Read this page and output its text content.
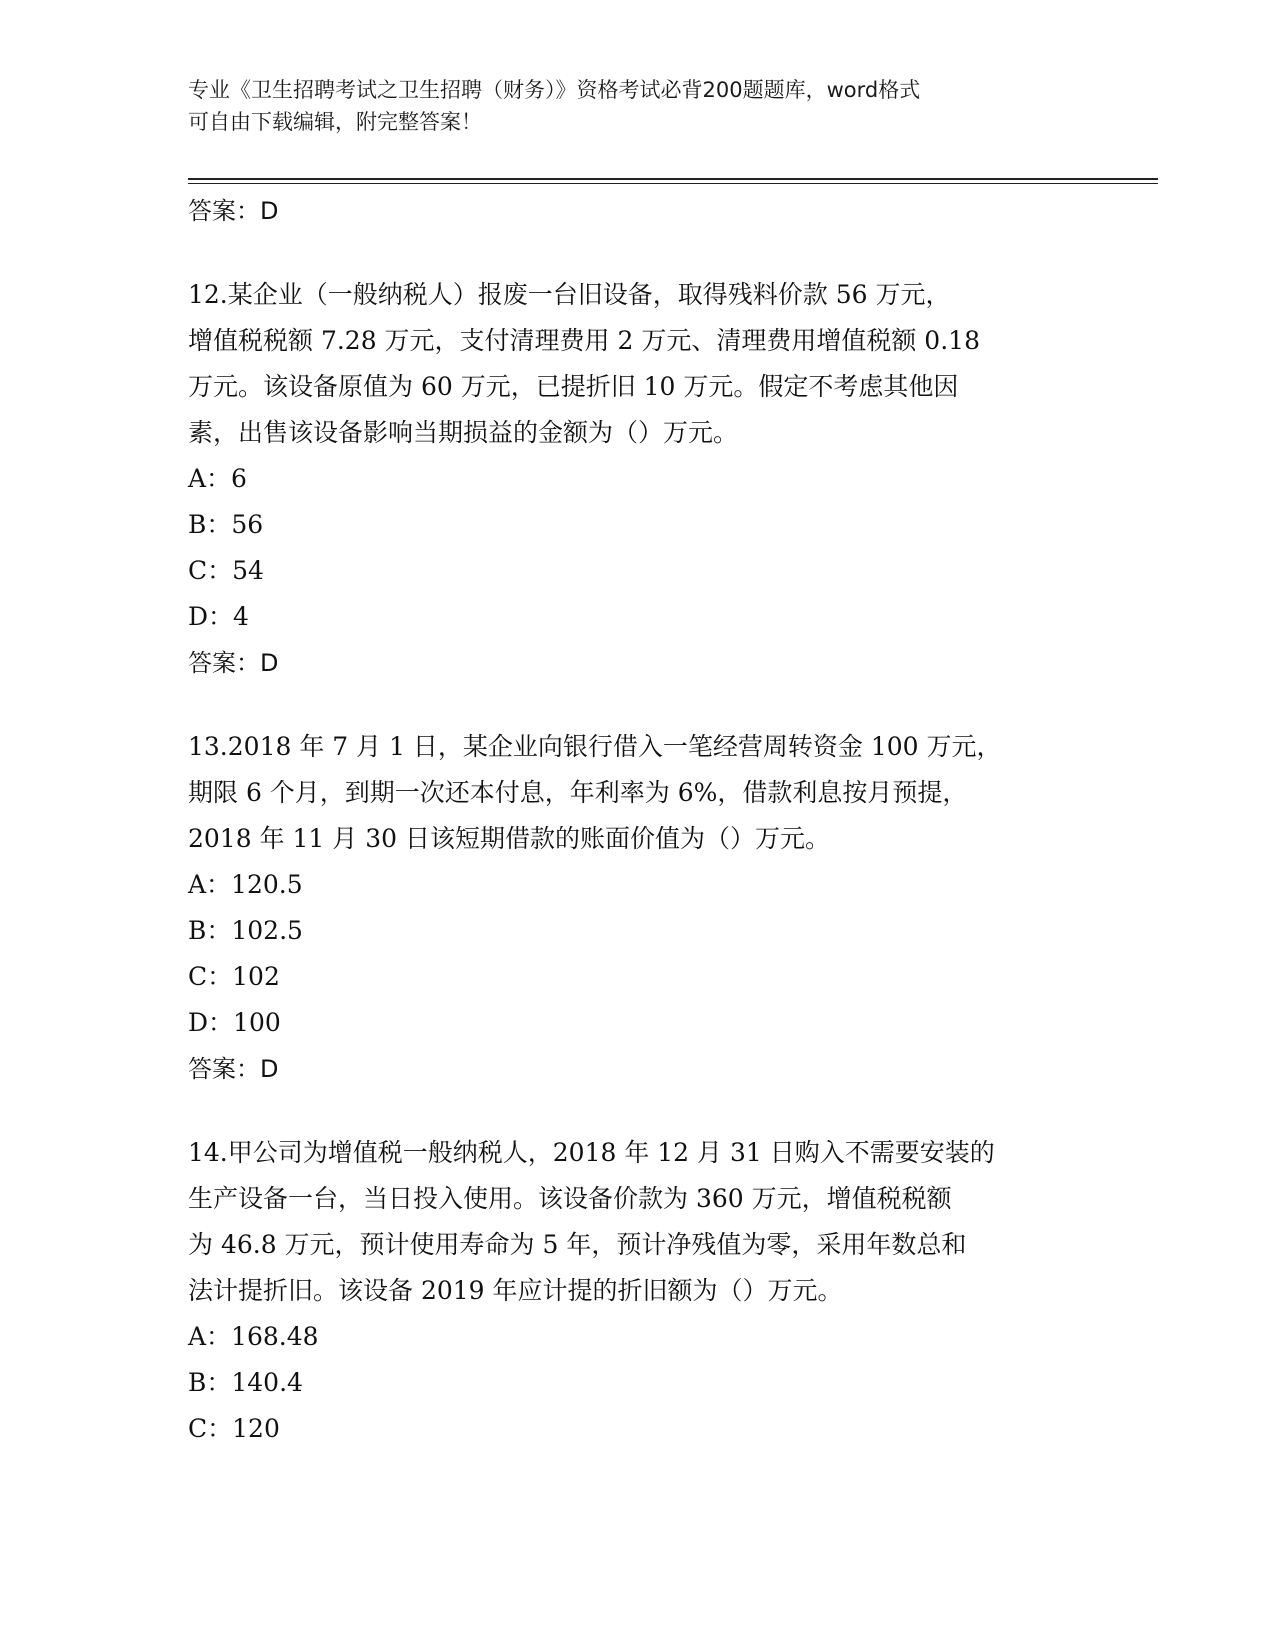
专业《卫生招聘考试之卫生招聘（财务）》资格考试必背200题题库，word格式

可自由下载编辑，附完整答案！

答案：D

12.某企业（一般纳税人）报废一台旧设备，取得残料价款 56 万元，
增值税税额 7.28 万元，支付清理费用 2 万元、清理费用增值税额 0.18
万元。该设备原值为 60 万元，已提折旧 10 万元。假定不考虑其他因
素，出售该设备影响当期损益的金额为（）万元。

A：6

B：56

C：54

D：4

答案：D

13.2018 年 7 月 1 日，某企业向银行借入一笔经营周转资金 100 万元，
期限 6 个月，到期一次还本付息，年利率为 6%，借款利息按月预提，
2018 年 11 月 30 日该短期借款的账面价值为（）万元。

A：120.5

B：102.5

C：102

D：100

答案：D

14.甲公司为增值税一般纳税人，2018 年 12 月 31 日购入不需要安装的
生产设备一台，当日投入使用。该设备价款为 360 万元，增值税税额
为 46.8 万元，预计使用寿命为 5 年，预计净残值为零，采用年数总和
法计提折旧。该设备 2019 年应计提的折旧额为（）万元。

A：168.48

B：140.4

C：120
